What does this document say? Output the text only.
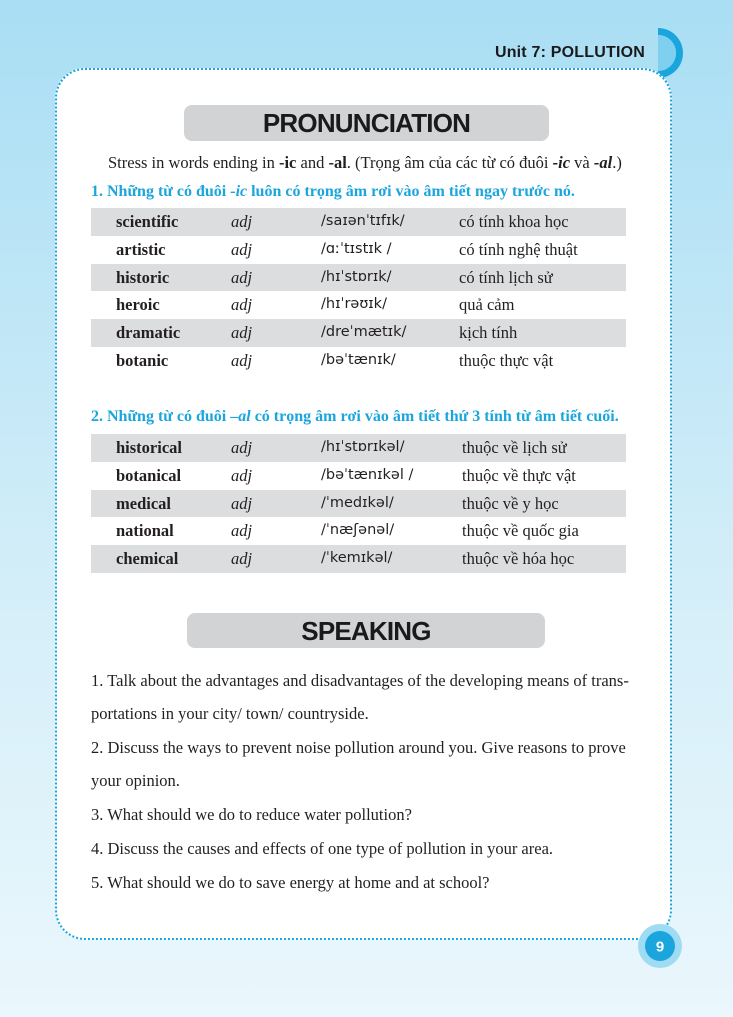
Unit 7: POLLUTION
PRONUNCIATION
Stress in words ending in -ic and -al. (Trọng âm của các từ có đuôi -ic và -al.)
1. Những từ có đuôi -ic luôn có trọng âm rơi vào âm tiết ngay trước nó.
scientific	adj	/saɪənˈtɪfɪk/	có tính khoa học
artistic	adj	/ɑːˈtɪstɪk /	có tính nghệ thuật
historic	adj	/hɪˈstɒrɪk/	có tính lịch sử
heroic	adj	/hɪˈrəʊɪk/	quả cảm
dramatic	adj	/dreˈmætɪk/	kịch tính
botanic	adj	/bəˈtænɪk/	thuộc thực vật
2. Những từ có đuôi –al có trọng âm rơi vào âm tiết thứ 3 tính từ âm tiết cuối.
historical	adj	/hɪˈstɒrɪkəl/	thuộc về lịch sử
botanical	adj	/bəˈtænɪkəl /	thuộc về thực vật
medical	adj	/ˈmedɪkəl/	thuộc về y học
national	adj	/ˈnæʃənəl/	thuộc về quốc gia
chemical	adj	/ˈkemɪkəl/	thuộc về hóa học
SPEAKING
1. Talk about the advantages and disadvantages of the developing means of trans-
portations in your city/ town/ countryside.
2. Discuss the ways to prevent noise pollution around you. Give reasons to prove
your opinion.
3. What should we do to reduce water pollution?
4. Discuss the causes and effects of one type of pollution in your area.
5. What should we do to save energy at home and at school?
9
